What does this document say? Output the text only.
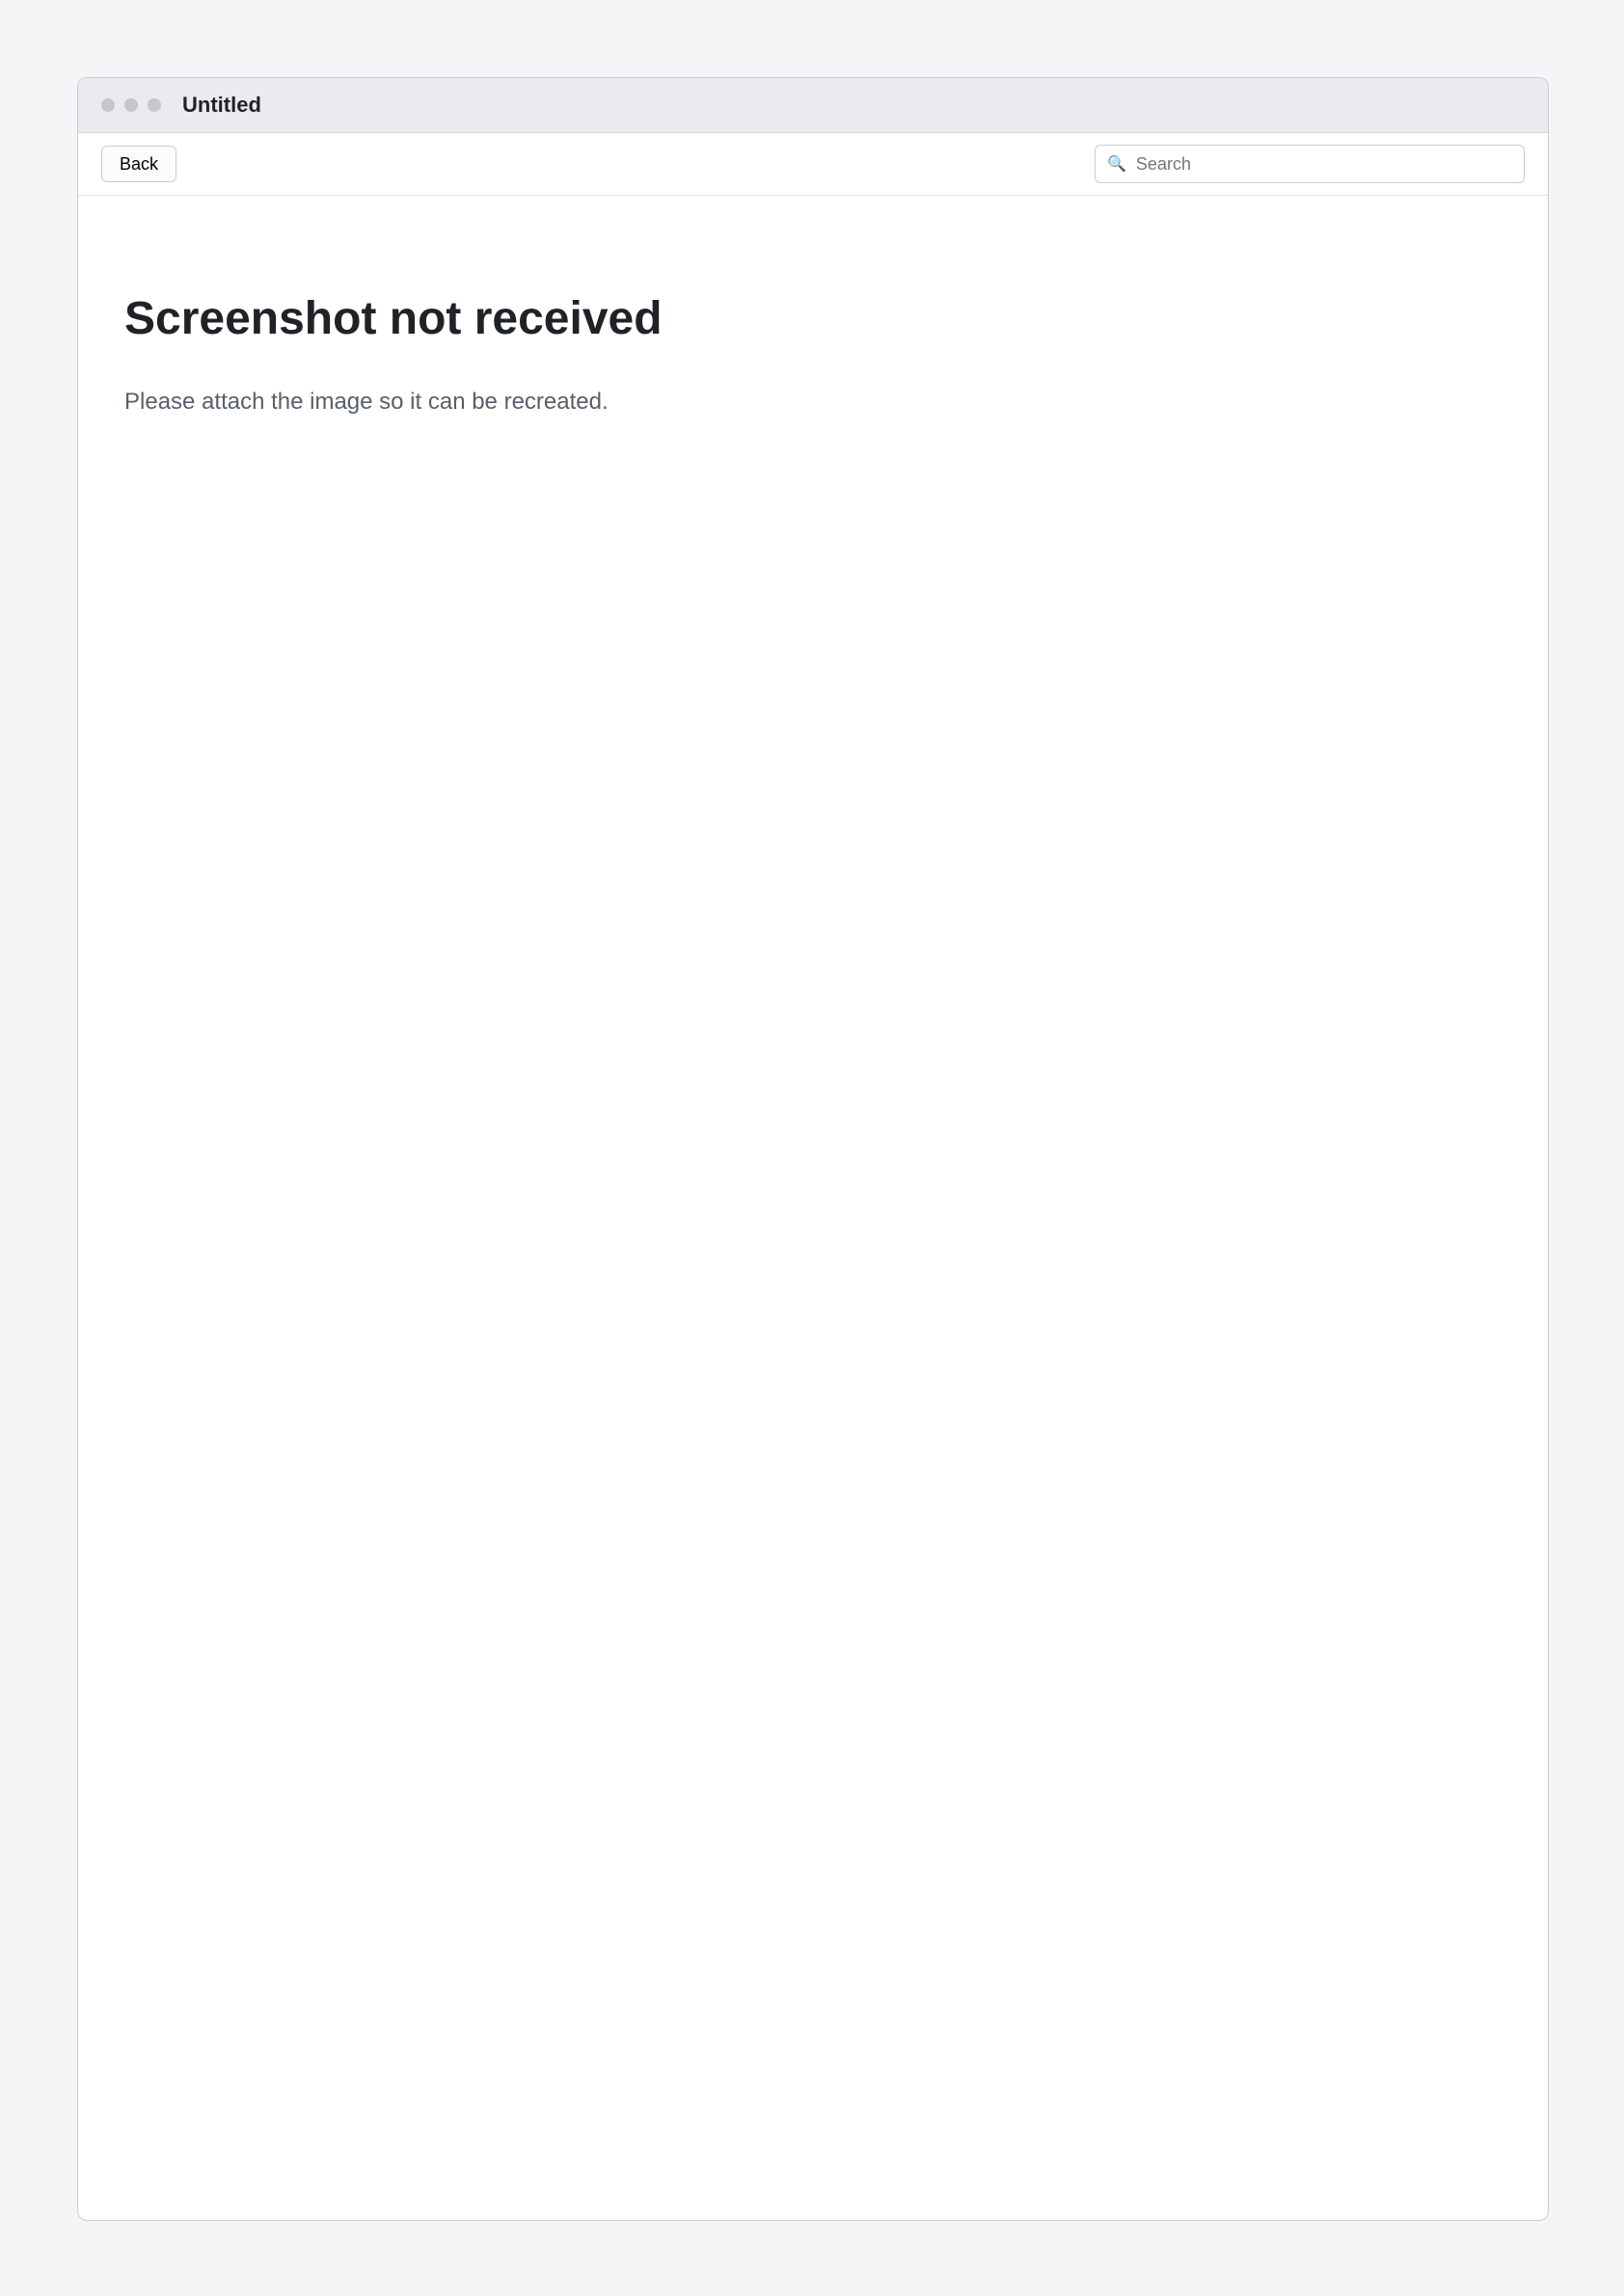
Untitled
Back	🔍
Search
Screenshot not received

Please attach the image so it can be recreated.
